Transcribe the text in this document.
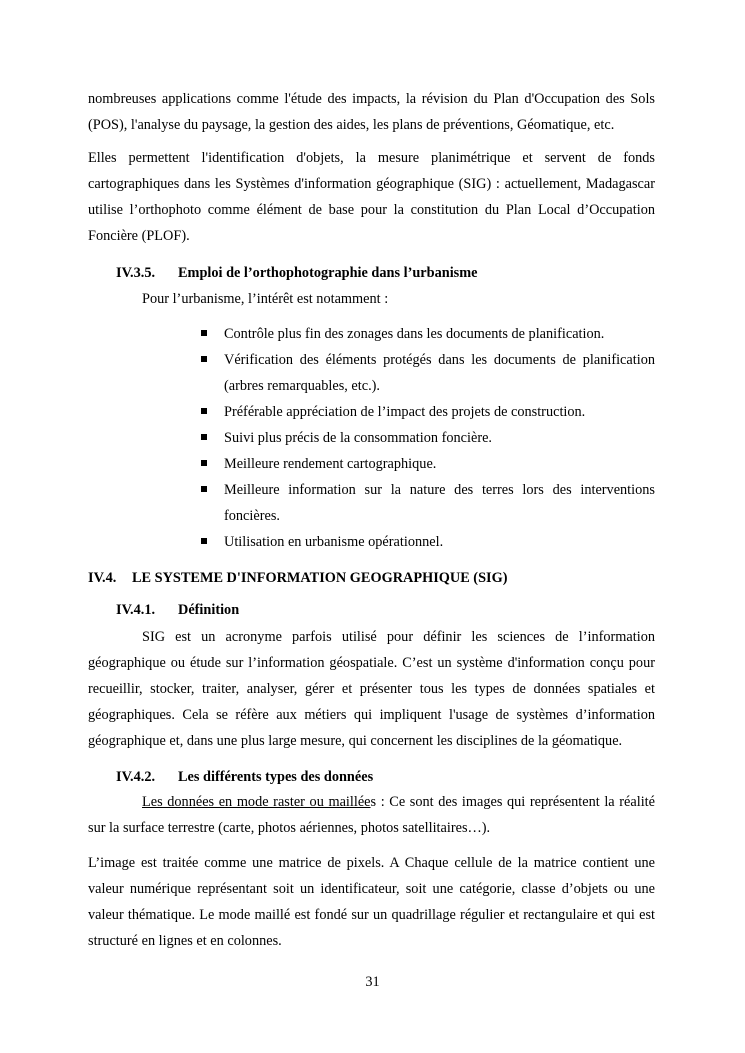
nombreuses applications comme l'étude des impacts, la révision du Plan d'Occupation des Sols (POS), l'analyse du paysage, la gestion des aides, les plans de préventions, Géomatique, etc.

Elles permettent l'identification d'objets, la mesure planimétrique et servent de fonds cartographiques dans les Systèmes d'information géographique (SIG) : actuellement, Madagascar utilise l’orthophoto comme élément de base pour la constitution du Plan Local d’Occupation Foncière (PLOF).

IV.3.5. Emploi de l’orthophotographie dans l’urbanisme
Pour l’urbanisme, l’intérêt est notamment :
Contrôle plus fin des zonages dans les documents de planification.
Vérification des éléments protégés dans les documents de planification (arbres remarquables, etc.).
Préférable appréciation de l’impact des projets de construction.
Suivi plus précis de la consommation foncière.
Meilleure rendement cartographique.
Meilleure information sur la nature des terres lors des interventions foncières.
Utilisation en urbanisme opérationnel.
IV.4. LE SYSTEME D'INFORMATION GEOGRAPHIQUE (SIG)
IV.4.1. Définition

SIG est un acronyme parfois utilisé pour définir les sciences de l’information géographique ou étude sur l’information géospatiale. C’est un système d'information conçu pour recueillir, stocker, traiter, analyser, gérer et présenter tous les types de données spatiales et géographiques. Cela se réfère aux métiers qui impliquent l'usage de systèmes d’information géographique et, dans une plus large mesure, qui concernent les disciplines de la géomatique.

IV.4.2. Les différents types des données

Les données en mode raster ou maillées : Ce sont des images qui représentent la réalité sur la surface terrestre (carte, photos aériennes, photos satellitaires…).

L’image est traitée comme une matrice de pixels. A Chaque cellule de la matrice contient une valeur numérique représentant soit un identificateur, soit une catégorie, classe d’objets ou une valeur thématique. Le mode maillé est fondé sur un quadrillage régulier et rectangulaire et qui est structuré en lignes et en colonnes.

31
